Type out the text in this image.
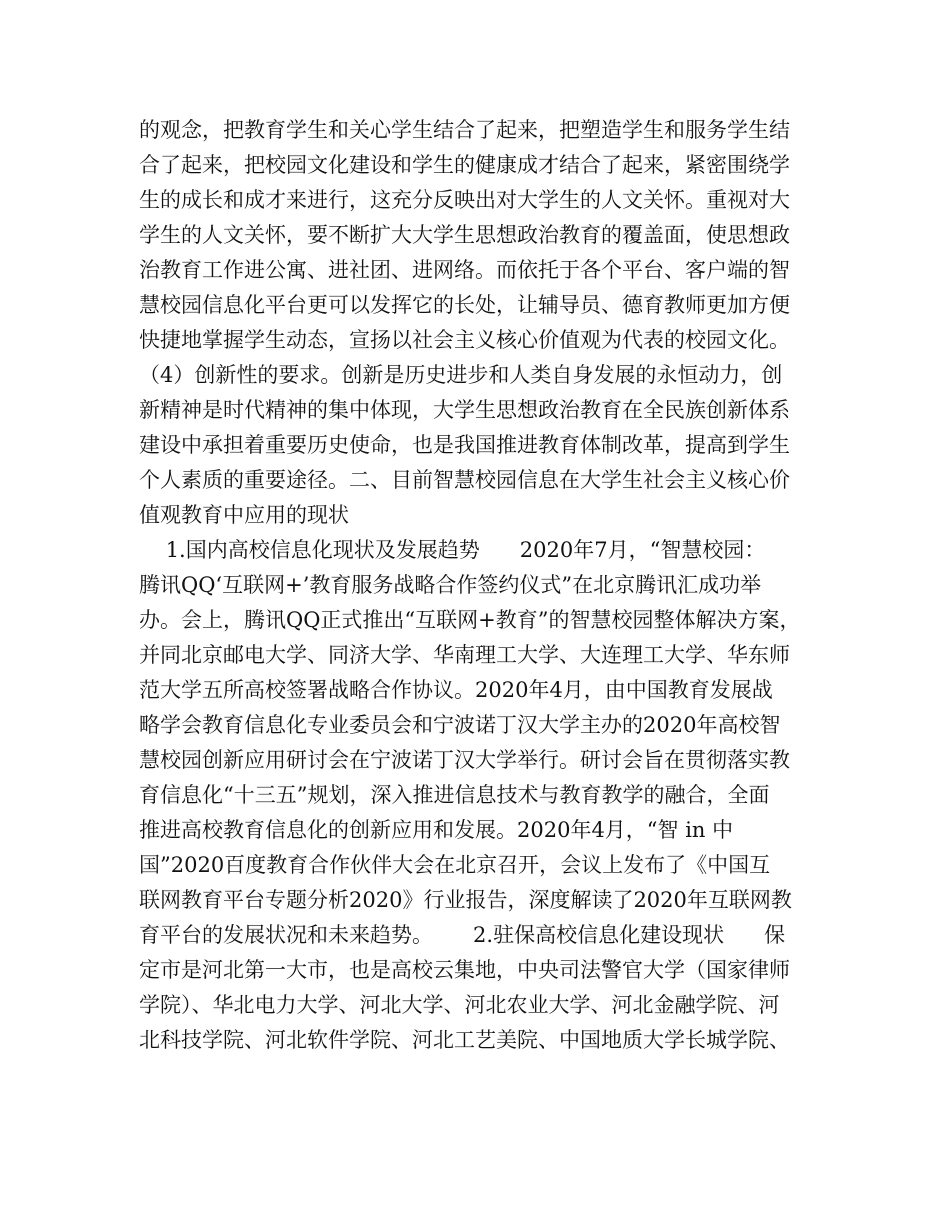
的观念，把教育学生和关心学生结合了起来，把塑造学生和服务学生结
合了起来，把校园文化建设和学生的健康成才结合了起来，紧密围绕学
生的成长和成才来进行，这充分反映出对大学生的人文关怀。重视对大
学生的人文关怀，要不断扩大大学生思想政治教育的覆盖面，使思想政
治教育工作进公寓、进社团、进网络。而依托于各个平台、客户端的智
慧校园信息化平台更可以发挥它的长处，让辅导员、德育教师更加方便
快捷地掌握学生动态，宣扬以社会主义核心价值观为代表的校园文化。
（4）创新性的要求。创新是历史进步和人类自身发展的永恒动力，创
新精神是时代精神的集中体现，大学生思想政治教育在全民族创新体系
建设中承担着重要历史使命，也是我国推进教育体制改革，提高到学生
个人素质的重要途径。二、目前智慧校园信息在大学生社会主义核心价
值观教育中应用的现状
1.国内高校信息化现状及发展趋势      2020年7月，“智慧校园：
腾讯QQ‘互联网+’教育服务战略合作签约仪式”在北京腾讯汇成功举
办。会上，腾讯QQ正式推出“互联网+教育”的智慧校园整体解决方案，
并同北京邮电大学、同济大学、华南理工大学、大连理工大学、华东师
范大学五所高校签署战略合作协议。2020年4月，由中国教育发展战
略学会教育信息化专业委员会和宁波诺丁汉大学主办的2020年高校智
慧校园创新应用研讨会在宁波诺丁汉大学举行。研讨会旨在贯彻落实教
育信息化“十三五”规划，深入推进信息技术与教育教学的融合，全面
推进高校教育信息化的创新应用和发展。2020年4月，“智 in 中
国”2020百度教育合作伙伴大会在北京召开，会议上发布了《中国互
联网教育平台专题分析2020》行业报告，深度解读了2020年互联网教
育平台的发展状况和未来趋势。      2.驻保高校信息化建设现状      保
定市是河北第一大市，也是高校云集地，中央司法警官大学（国家律师
学院）、华北电力大学、河北大学、河北农业大学、河北金融学院、河
北科技学院、河北软件学院、河北工艺美院、中国地质大学长城学院、
